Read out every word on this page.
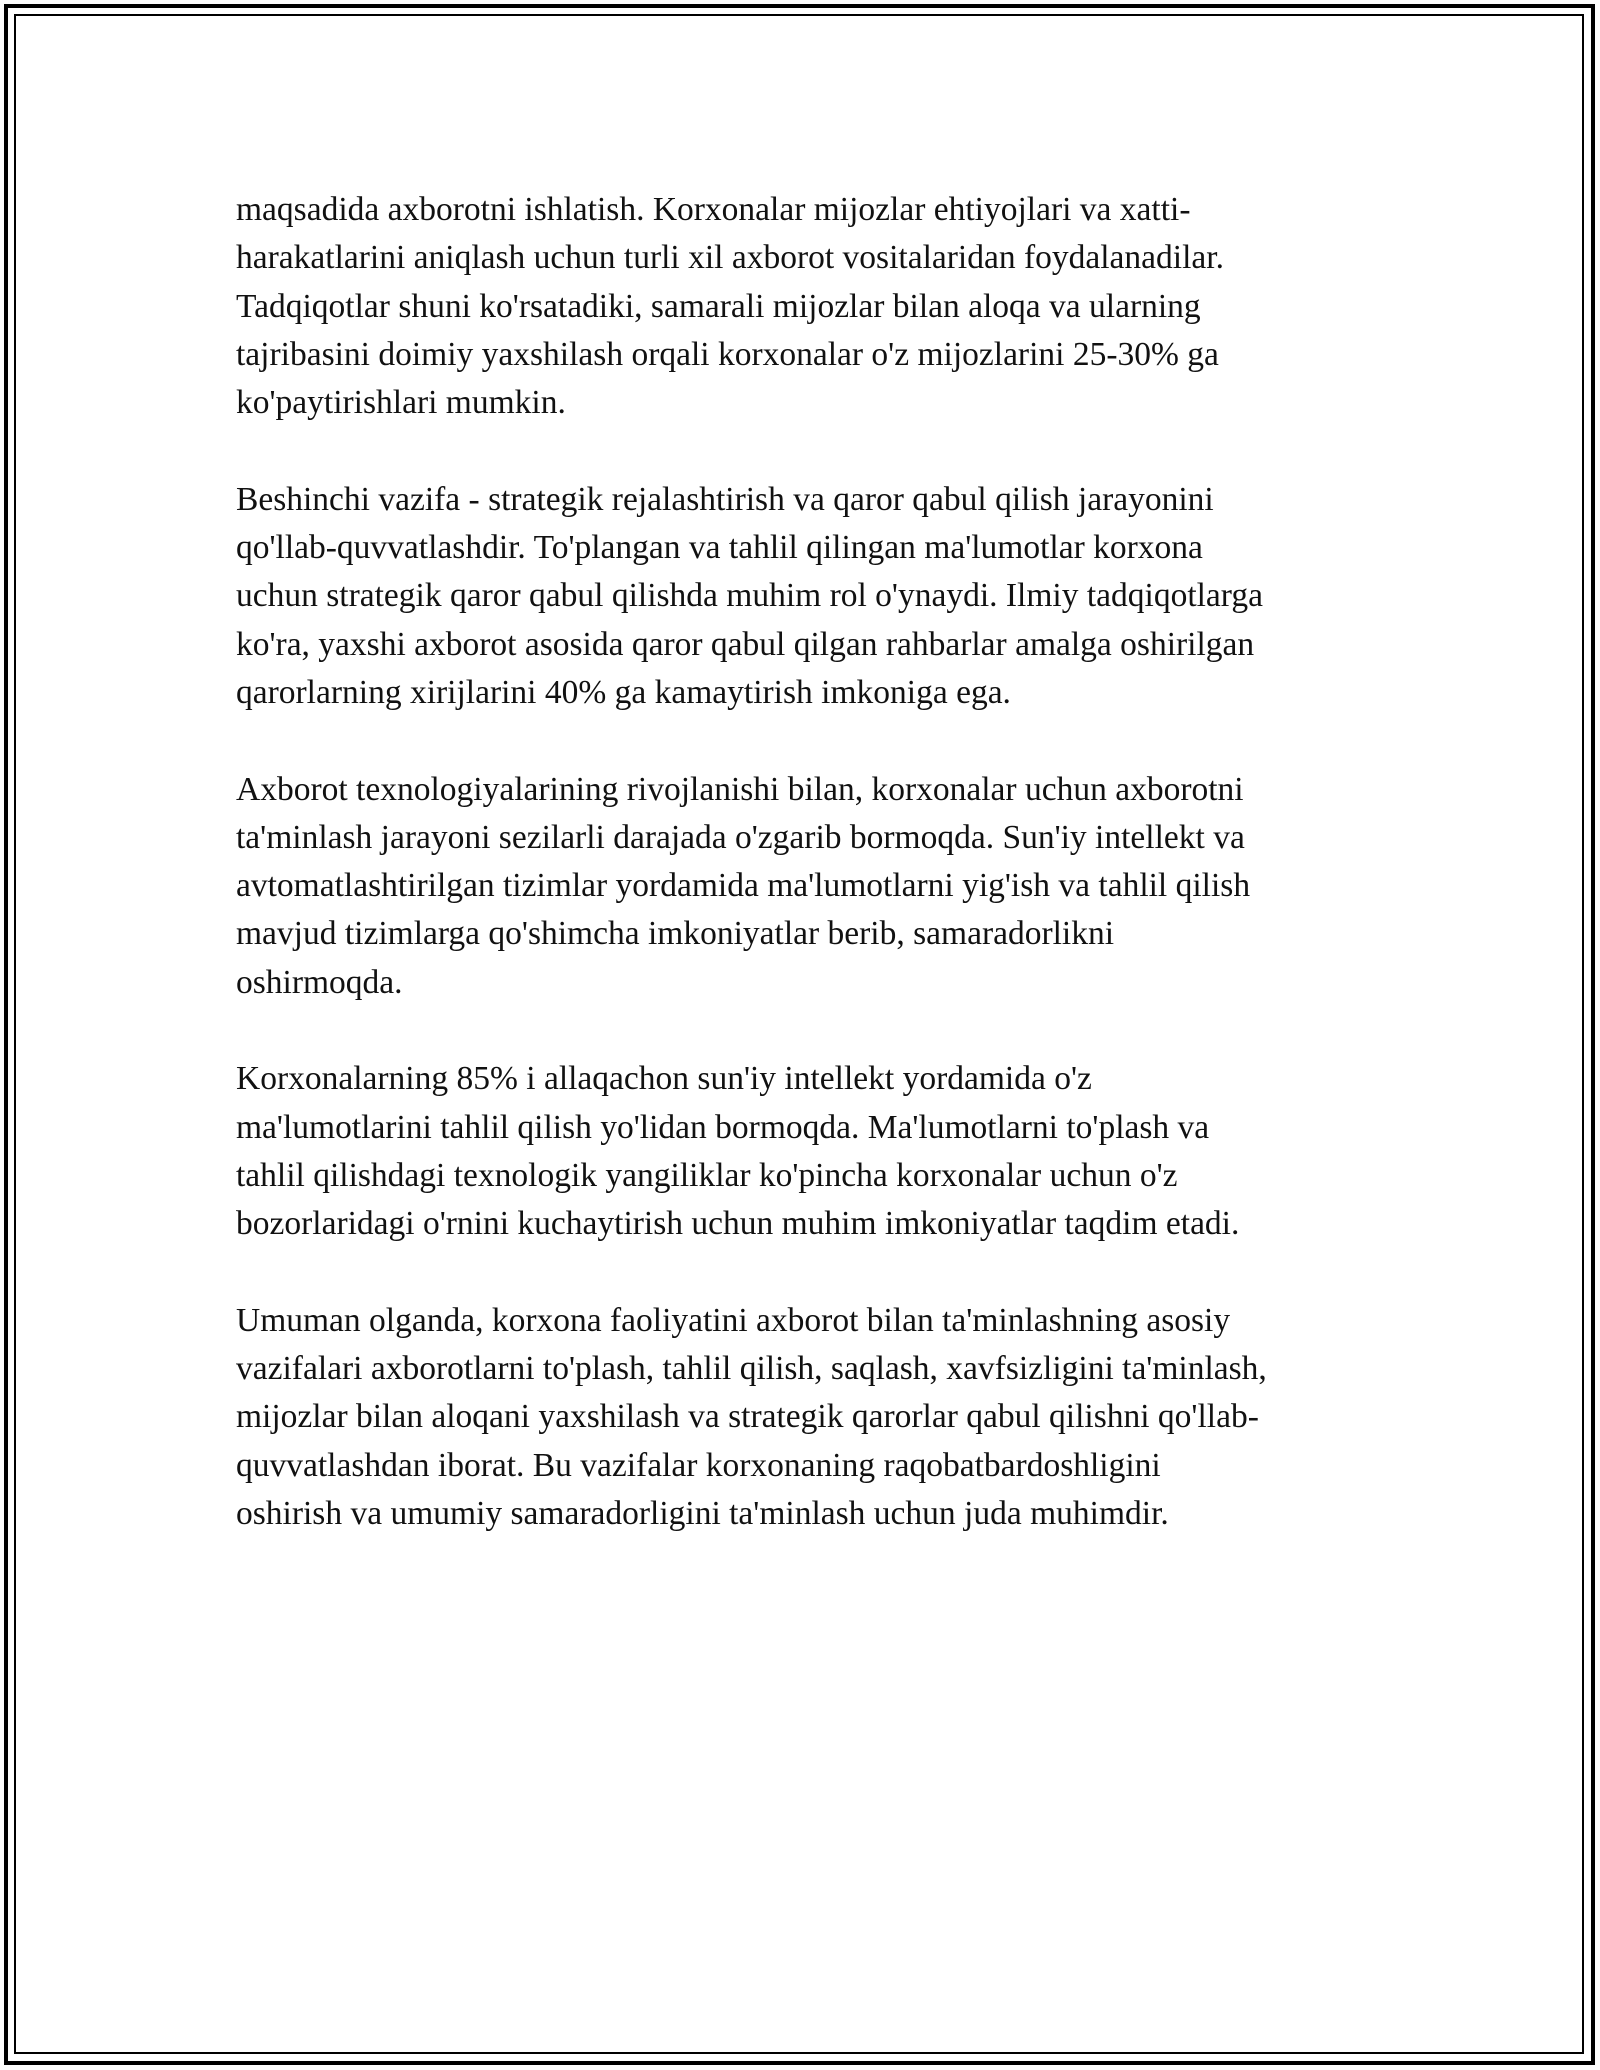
maqsadida axborotni ishlatish. Korxonalar mijozlar ehtiyojlari va xatti-
harakatlarini aniqlash uchun turli xil axborot vositalaridan foydalanadilar.
Tadqiqotlar shuni ko'rsatadiki, samarali mijozlar bilan aloqa va ularning
tajribasini doimiy yaxshilash orqali korxonalar o'z mijozlarini 25-30% ga
ko'paytirishlari mumkin.

Beshinchi vazifa - strategik rejalashtirish va qaror qabul qilish jarayonini
qo'llab-quvvatlashdir. To'plangan va tahlil qilingan ma'lumotlar korxona
uchun strategik qaror qabul qilishda muhim rol o'ynaydi. Ilmiy tadqiqotlarga
ko'ra, yaxshi axborot asosida qaror qabul qilgan rahbarlar amalga oshirilgan
qarorlarning xirijlarini 40% ga kamaytirish imkoniga ega.

Axborot texnologiyalarining rivojlanishi bilan, korxonalar uchun axborotni
ta'minlash jarayoni sezilarli darajada o'zgarib bormoqda. Sun'iy intellekt va
avtomatlashtirilgan tizimlar yordamida ma'lumotlarni yig'ish va tahlil qilish
mavjud tizimlarga qo'shimcha imkoniyatlar berib, samaradorlikni
oshirmoqda.

Korxonalarning 85% i allaqachon sun'iy intellekt yordamida o'z
ma'lumotlarini tahlil qilish yo'lidan bormoqda. Ma'lumotlarni to'plash va
tahlil qilishdagi texnologik yangiliklar ko'pincha korxonalar uchun o'z
bozorlaridagi o'rnini kuchaytirish uchun muhim imkoniyatlar taqdim etadi.

Umuman olganda, korxona faoliyatini axborot bilan ta'minlashning asosiy
vazifalari axborotlarni to'plash, tahlil qilish, saqlash, xavfsizligini ta'minlash,
mijozlar bilan aloqani yaxshilash va strategik qarorlar qabul qilishni qo'llab-
quvvatlashdan iborat. Bu vazifalar korxonaning raqobatbardoshligini
oshirish va umumiy samaradorligini ta'minlash uchun juda muhimdir.
